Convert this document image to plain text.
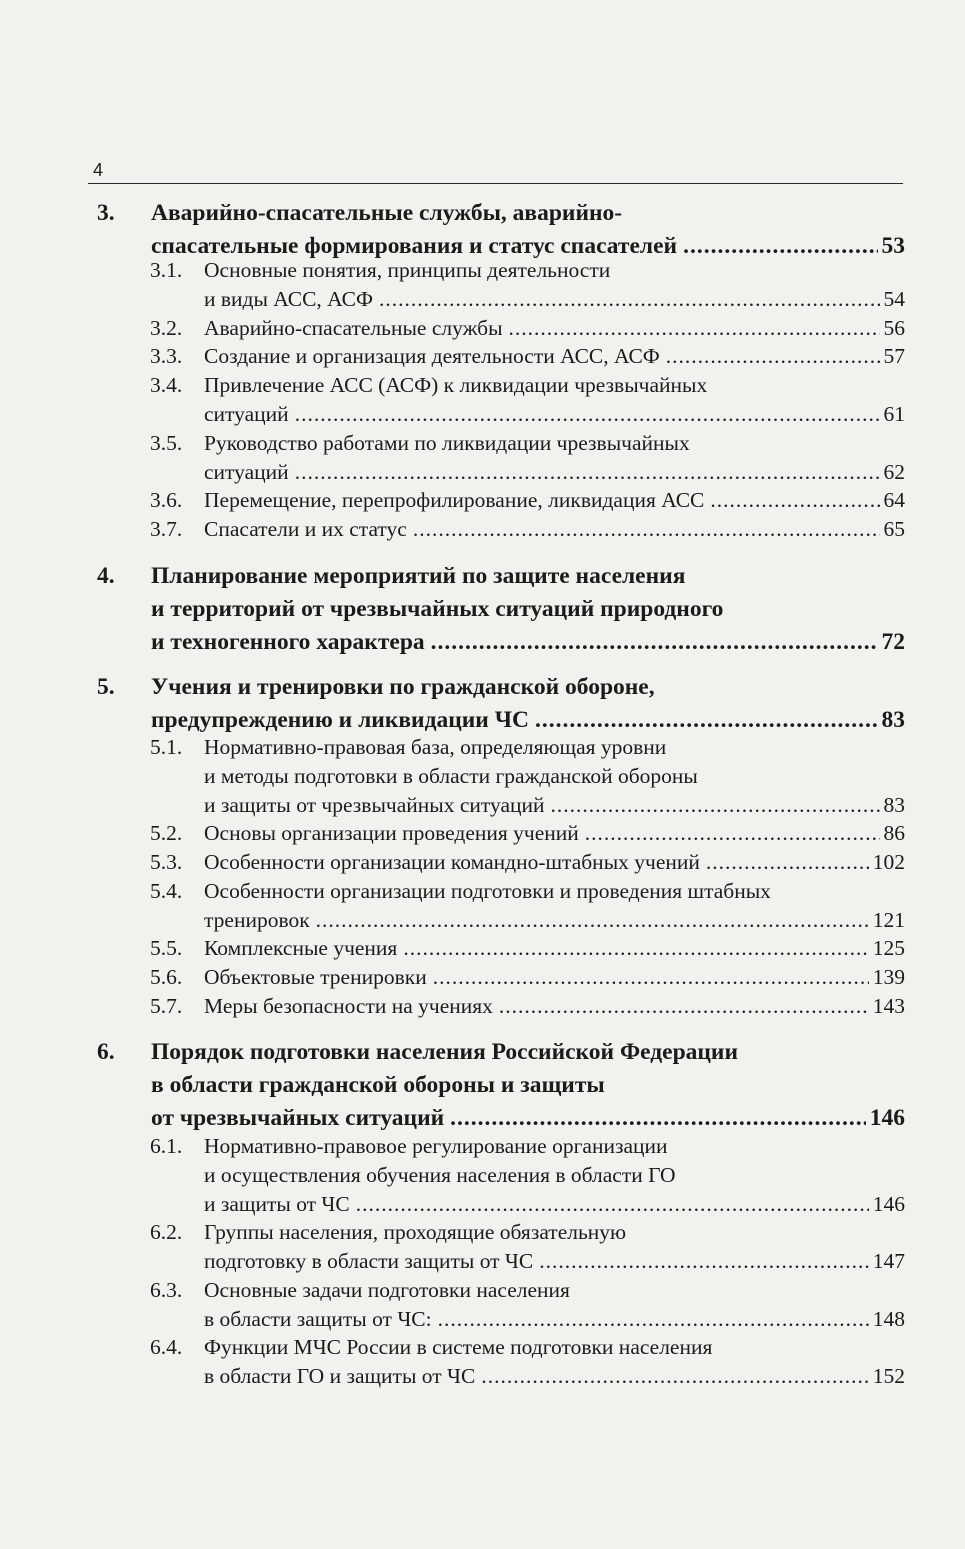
4
3. Аварийно-спасательные службы, аварийно-
спасательные формирования и статус спасателей .....	53
3.1. Основные понятия, принципы деятельности
и виды АСС, АСФ .....	54
3.2. Аварийно-спасательные службы .....	56
3.3. Создание и организация деятельности АСС, АСФ .....	57
3.4. Привлечение АСС (АСФ) к ликвидации чрезвычайных
ситуаций .....	61
3.5. Руководство работами по ликвидации чрезвычайных
ситуаций .....	62
3.6. Перемещение, перепрофилирование, ликвидация АСС .....	64
3.7. Спасатели и их статус .....	65
4. Планирование мероприятий по защите населения
и территорий от чрезвычайных ситуаций природного
и техногенного характера .....	72
5. Учения и тренировки по гражданской обороне,
предупреждению и ликвидации ЧС .....	83
5.1. Нормативно-правовая база, определяющая уровни
и методы подготовки в области гражданской обороны
и защиты от чрезвычайных ситуаций .....	83
5.2. Основы организации проведения учений .....	86
5.3. Особенности организации командно-штабных учений .....	102
5.4. Особенности организации подготовки и проведения штабных
тренировок .....	121
5.5. Комплексные учения .....	125
5.6. Объектовые тренировки .....	139
5.7. Меры безопасности на учениях .....	143
6. Порядок подготовки населения Российской Федерации
в области гражданской обороны и защиты
от чрезвычайных ситуаций .....	146
6.1. Нормативно-правовое регулирование организации
и осуществления обучения населения в области ГО
и защиты от ЧС .....	146
6.2. Группы населения, проходящие обязательную
подготовку в области защиты от ЧС .....	147
6.3. Основные задачи подготовки населения
в области защиты от ЧС: .....	148
6.4. Функции МЧС России в системе подготовки населения
в области ГО и защиты от ЧС .....	152
